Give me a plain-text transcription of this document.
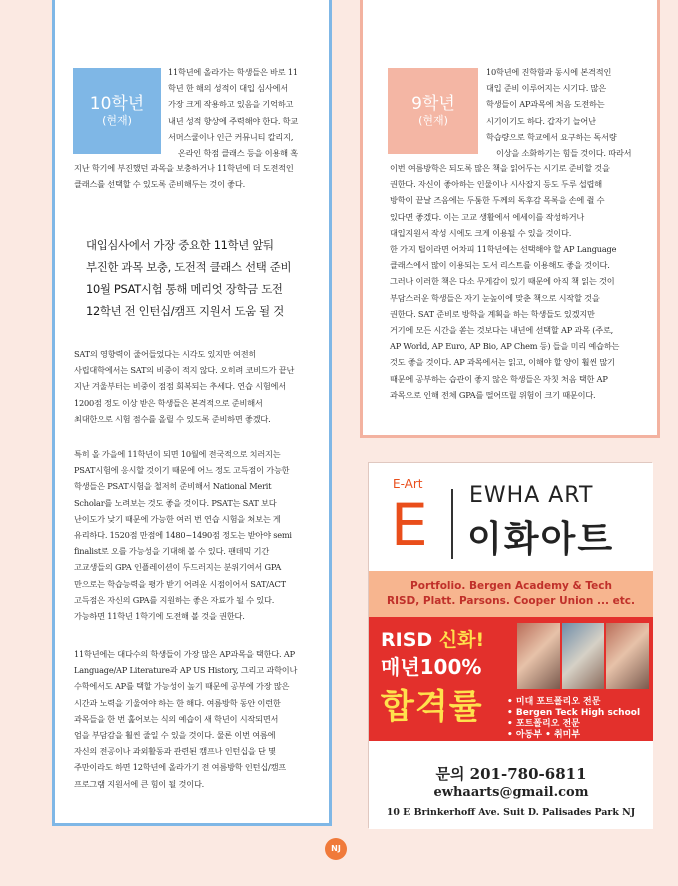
10학년
(현재)

11학년에 올라가는 학생들은 바로 11

학년 한 해의 성적이 대입 심사에서

가장 크게 작용하고 있음을 기억하고

내년 성적 향상에 주력해야 한다. 학교

서머스쿨이나 인근 커뮤니티 칼리지,

온라인 학점 클래스 등을 이용해 혹

지난 학기에 부진했던 과목을 보충하거나 11학년에 더 도전적인

클래스를 선택할 수 있도록 준비해두는 것이 좋다.

대입심사에서 가장 중요한 11학년 앞둬

부진한 과목 보충, 도전적 클래스 선택 준비

10월 PSAT시험 통해 메리엇 장학금 도전

12학년 전 인턴십/캠프 지원서 도움 될 것

SAT의 영향력이 줄어들었다는 시각도 있지만 여전히

사립대학에서는 SAT의 비중이 적지 않다. 오히려 코비드가 끝난

지난 겨울부터는 비중이 점점 회복되는 추세다. 연습 시험에서

1200점 정도 이상 받은 학생들은 본격적으로 준비해서

최대한으로 시험 점수를 올릴 수 있도록 준비하면 좋겠다.

특히 올 가을에 11학년이 되면 10월에 전국적으로 치러지는

PSAT시험에 응시할 것이기 때문에 어느 정도 고득점이 가능한

학생들은 PSAT시험을 철저히 준비해서 National Merit

Scholar를 노려보는 것도 좋을 것이다. PSAT는 SAT 보다

난이도가 낮기 때문에 가능한 여러 번 연습 시험을 쳐보는 게

유리하다. 1520점 만점에 1480~1490점 정도는 받아야 semi

finalist로 오를 가능성을 기대해 볼 수 있다. 팬데믹 기간

고교생들의 GPA 인플레이션이 두드러지는 분위기여서 GPA

만으로는 학습능력을 평가 받기 어려운 시점이어서 SAT/ACT

고득점은 자신의 GPA를 지원하는 좋은 자료가 될 수 있다.

가능하면 11학년 1학기에 도전해 볼 것을 권한다.

11학년에는 대다수의 학생들이 가장 많은 AP과목을 택한다. AP

Language/AP Literature과 AP US History, 그리고 과학이나

수학에서도 AP를 택할 가능성이 높기 때문에 공부에 가장 많은

시간과 노력을 기울여야 하는 한 해다. 여름방학 동안 이런한

과목들을 한 번 훑어보는 식의 예습이 새 학년이 시작되면서

엄을 부담감을 훨씬 줄일 수 있을 것이다. 물론 이번 여름에

자신의 전공이나 과외활동과 관련된 캠프나 인턴십을 단 몇

주만이라도 하면 12학년에 올라가기 전 여름방학 인턴십/캠프

프로그램 지원서에 큰 힘이 될 것이다.

9학년
(현재)

10학년에 진학함과 동시에 본격적인

대입 준비 이루어지는 시기다. 많은

학생들이 AP과목에 처음 도전하는

시기이기도 하다. 갑자기 늘어난

학습량으로 학교에서 요구하는 독서량

이상을 소화하기는 힘들 것이다. 따라서

이번 여름방학은 되도록 많은 책을 읽어두는 시기로 준비할 것을

권한다. 자신이 좋아하는 인물이나 시사잡지 등도 두루 섭렵해

방학이 끝날 즈음에는 두툼한 두께의 독후감 목록을 손에 쥘 수

있다면 좋겠다. 이는 고교 생활에서 에세이를 작성하거나

대입지원서 작성 시에도 크게 이용될 수 있을 것이다.

한 가지 팁이라면 어차피 11학년에는 선택해야 할 AP Language

클래스에서 많이 이용되는 도서 리스트를 이용해도 좋을 것이다.

그러나 이러한 책은 다소 무게감이 있기 때문에 아직 책 읽는 것이

부담스러운 학생들은 자기 눈높이에 맞춘 책으로 시작할 것을

권한다. SAT 준비로 방학을 계획을 하는 학생들도 있겠지만

거기에 모든 시간을 쏟는 것보다는 내년에 선택할 AP 과목 (주로,

AP World, AP Euro, AP Bio, AP Chem 등) 들을 미리 예습하는

것도 좋을 것이다. AP 과목에서는 읽고, 이해야 할 양이 훨씬 많기

때문에 공부하는 습관이 좋지 않은 학생들은 자칫 처음 택한 AP

과목으로 인해 전체 GPA를 떨어뜨릴 위험이 크기 때문이다.

E-Art
E EWHA ART
이화아트

Portfolio. Bergen Academy & Tech

RISD, Platt. Parsons. Cooper Union ... etc.

RISD 신화!
매년100%
합격률	• 미대 포트폴리오 전문

• Bergen Teck High school

• 포트폴리오 전문

• 아동부 • 취미부

문의 201-780-6811
ewhaarts@gmail.com
10 E Brinkerhoff Ave. Suit D. Palisades Park NJ
NJ
